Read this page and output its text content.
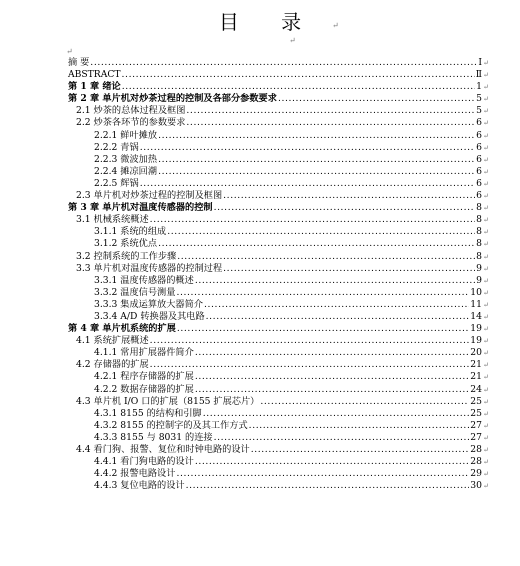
目 录	↵
↵
↵
摘 要 .....	Ⅰ ↵
ABSTRACT .....	Ⅱ ↵
第 1 章 绪论 .....	1 ↵
第 2 章 单片机对炒茶过程的控制及各部分参数要求 .....	5 ↵
2.1 炒茶的总体过程及框图 .....	5 ↵
2.2 炒茶各环节的参数要求 .....	6 ↵
2.2.1 鲜叶摊放 .....	6 ↵
2.2.2 青锅 .....	6 ↵
2.2.3 微波加热 .....	6 ↵
2.2.4 摊凉回潮 .....	6 ↵
2.2.5 辉锅 .....	6 ↵
2.3 单片机对炒茶过程的控制及框图 .....	6 ↵
第 3 章 单片机对温度传感器的控制 .....	8 ↵
3.1 机械系统概述 .....	8 ↵
3.1.1 系统的组成 .....	8 ↵
3.1.2 系统优点 .....	8 ↵
3.2 控制系统的工作步骤 .....	8 ↵
3.3 单片机对温度传感器的控制过程 .....	9 ↵
3.3.1 温度传感器的概述 .....	9 ↵
3.3.2 温度信号测量 .....	10 ↵
3.3.3 集成运算放大器简介 .....	11 ↵
3.3.4 A/D 转换器及其电路 .....	14 ↵
第 4 章 单片机系统的扩展 .....	19 ↵
4.1 系统扩展概述 .....	19 ↵
4.1.1 常用扩展器件简介 .....	20 ↵
4.2 存储器的扩展 .....	21 ↵
4.2.1 程序存储器的扩展 .....	21 ↵
4.2.2 数据存储器的扩展 .....	24 ↵
4.3 单片机 I/O 口的扩展（8155 扩展芯片） .....	25 ↵
4.3.1 8155 的结构和引脚 .....	25 ↵
4.3.2 8155 的控制字的及其工作方式 .....	27 ↵
4.3.3 8155 与 8031 的连接 .....	27 ↵
4.4 看门狗、报警、复位和时钟电路的设计 .....	28 ↵
4.4.1 看门狗电路的设计 .....	28 ↵
4.4.2 报警电路设计 .....	29 ↵
4.4.3 复位电路的设计 .....	30 ↵
